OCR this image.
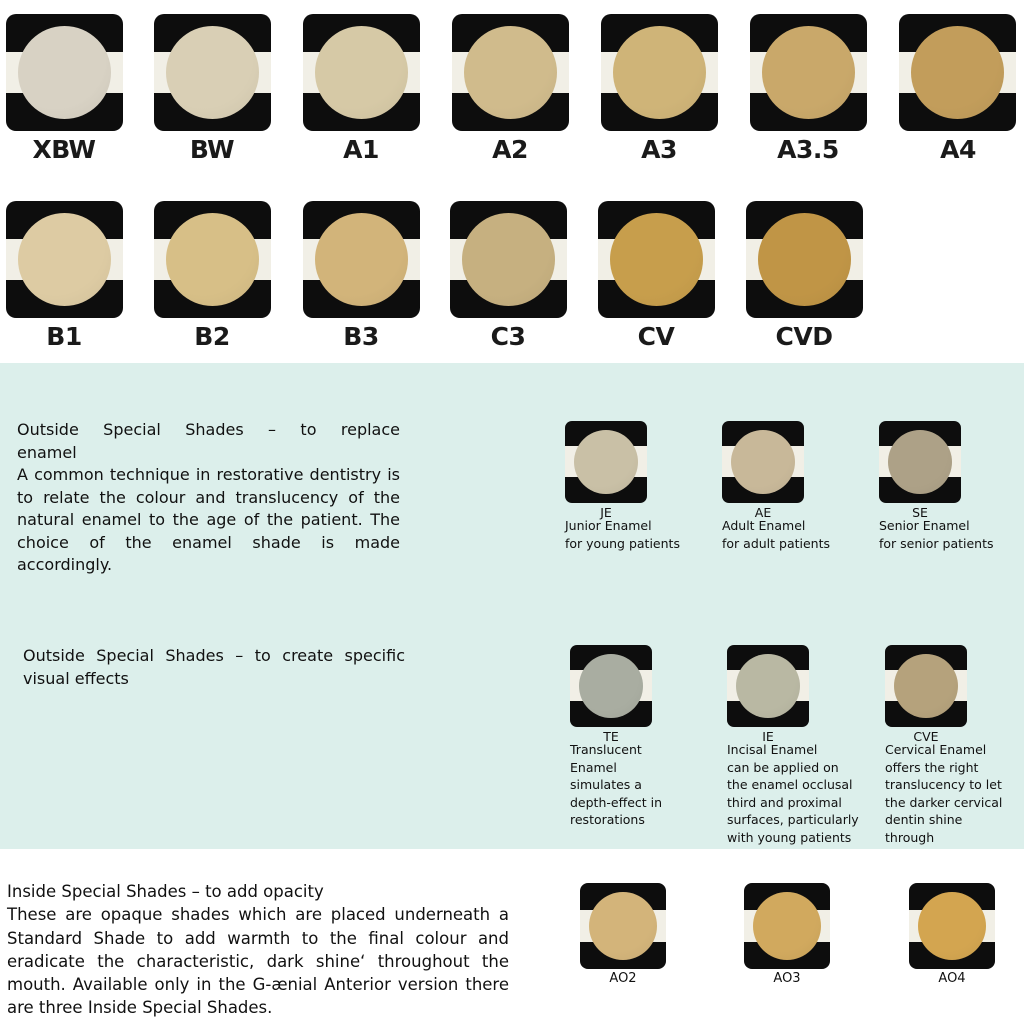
XBW	BW	A1	A2	A3	A3.5	A4
B1	B2	B3	C3	CV	CVD
Outside Special Shades – to replace
enamel
A common technique in restorative dentistry is to relate the colour and translucency of the natural enamel to the age of the patient. The choice of the enamel shade is made accordingly.
JE	AE	SE
Junior Enamel
for young patients
Adult Enamel
for adult patients
Senior Enamel
for senior patients
Outside Special Shades – to create specific visual effects
TE	IE	CVE
Translucent
Enamel
simulates a
depth-effect in
restorations
Incisal Enamel
can be applied on
the enamel occlusal
third and proximal
surfaces, particularly
with young patients
Cervical Enamel
offers the right
translucency to let
the darker cervical
dentin shine
through
Inside Special Shades – to add opacity
These are opaque shades which are placed underneath a Standard Shade to add warmth to the final colour and eradicate the characteristic, dark shine‘ throughout the mouth. Available only in the G-ænial Anterior version there are three Inside Special Shades.
AO2	AO3	AO4
